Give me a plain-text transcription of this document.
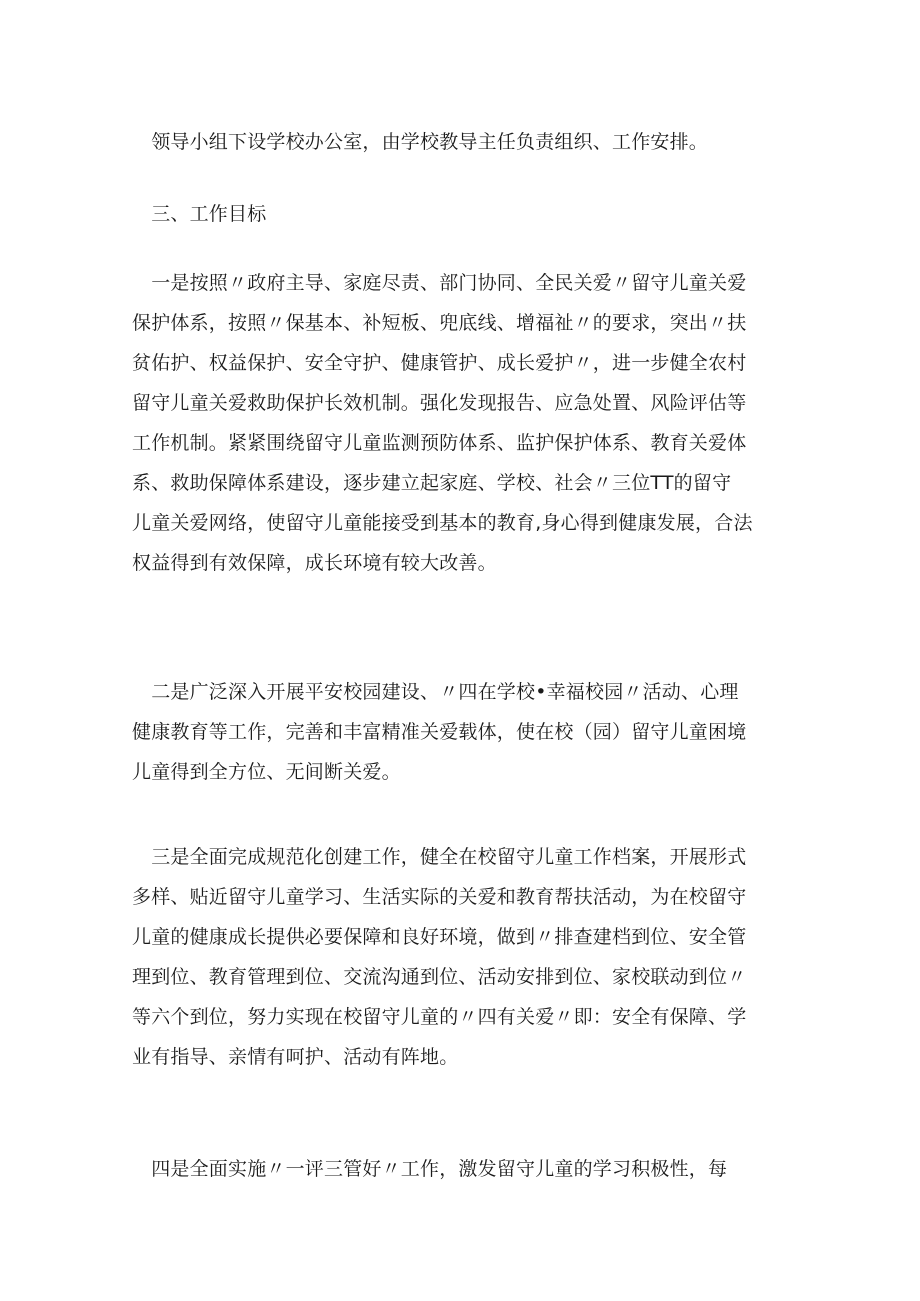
　领导小组下设学校办公室，由学校教导主任负责组织、工作安排。

　三、工作目标

　一是按照〃政府主导、家庭尽责、部门协同、全民关爱〃留守儿童关爱
保护体系，按照〃保基本、补短板、兜底线、增福祉〃的要求，突出〃扶
贫佑护、权益保护、安全守护、健康管护、成长爱护〃，进一步健全农村
留守儿童关爱救助保护长效机制。强化发现报告、应急处置、风险评估等
工作机制。紧紧围绕留守儿童监测预防体系、监护保护体系、教育关爱体
系、救助保障体系建设，逐步建立起家庭、学校、社会〃三位TT的留守
儿童关爱网络，使留守儿童能接受到基本的教育,身心得到健康发展，合法
权益得到有效保障，成长环境有较大改善。

　二是广泛深入开展平安校园建设、〃四在学校•幸福校园〃活动、心理
健康教育等工作，完善和丰富精准关爱载体，使在校（园）留守儿童困境
儿童得到全方位、无间断关爱。

　三是全面完成规范化创建工作，健全在校留守儿童工作档案，开展形式
多样、贴近留守儿童学习、生活实际的关爱和教育帮扶活动，为在校留守
儿童的健康成长提供必要保障和良好环境，做到〃排查建档到位、安全管
理到位、教育管理到位、交流沟通到位、活动安排到位、家校联动到位〃
等六个到位，努力实现在校留守儿童的〃四有关爱〃即：安全有保障、学
业有指导、亲情有呵护、活动有阵地。

　四是全面实施〃一评三管好〃工作，激发留守儿童的学习积极性，每
